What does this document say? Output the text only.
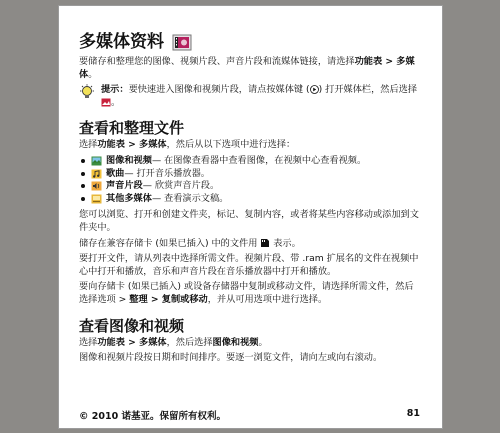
多媒体资料
要储存和整理您的图像、视频片段、声音片段和流媒体链接，请选择功能表 > 多媒体。
提示：要快速进入图像和视频片段，请点按媒体键 ( ) 打开媒体栏，然后选择。
查看和整理文件
选择功能表 > 多媒体，然后从以下选项中进行选择：
图像和视频 — 在图像查看器中查看图像，在视频中心查看视频。
歌曲 — 打开音乐播放器。
声音片段 — 欣赏声音片段。
其他多媒体 — 查看演示文稿。
您可以浏览、打开和创建文件夹，标记、复制内容，或者将某些内容移动或添加到文件夹中。
储存在兼容存储卡 (如果已插入) 中的文件用  表示。
要打开文件，请从列表中选择所需文件。视频片段、带 .ram 扩展名的文件在视频中心中打开和播放，音乐和声音片段在音乐播放器中打开和播放。
要向存储卡 (如果已插入) 或设备存储器中复制或移动文件，请选择所需文件，然后选择选项 > 整理 > 复制或移动，并从可用选项中进行选择。
查看图像和视频
选择功能表 > 多媒体，然后选择图像和视频。
图像和视频片段按日期和时间排序。要逐一浏览文件，请向左或向右滚动。
© 2010 诺基亚。保留所有权利。	81
